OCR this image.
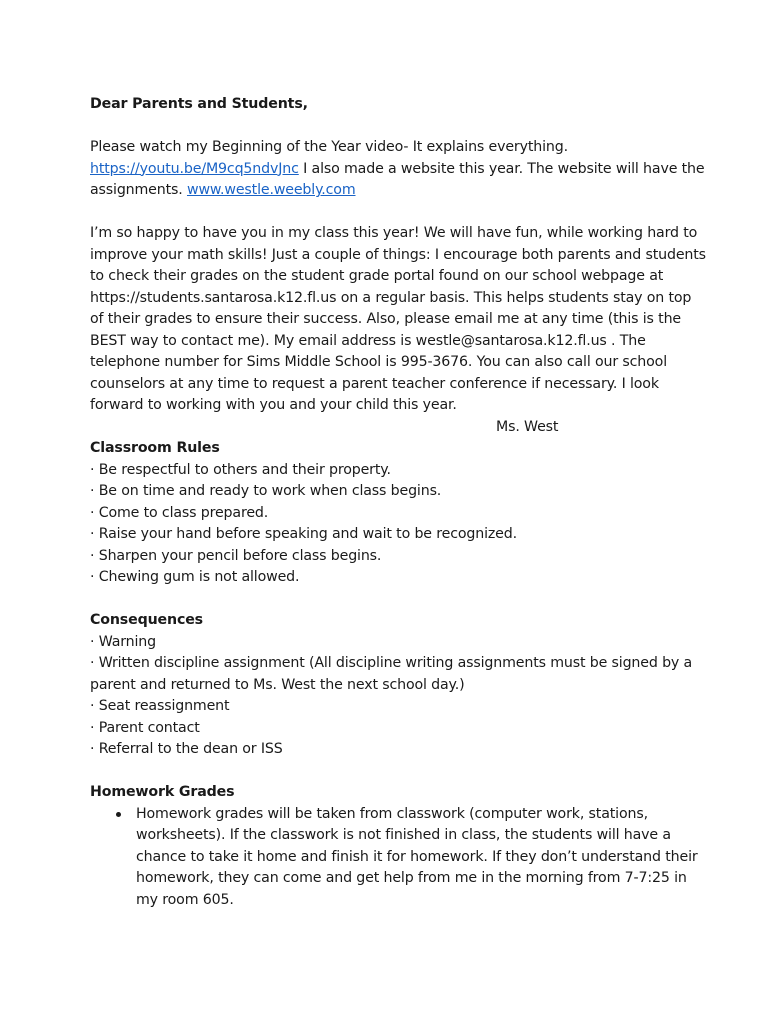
Dear Parents and Students,

Please watch my Beginning of the Year video- It explains everything.
https://youtu.be/M9cq5ndvJnc I also made a website this year. The website will have the assignments. www.westle.weebly.com

I’m so happy to have you in my class this year! We will have fun, while working hard to improve your math skills! Just a couple of things: I encourage both parents and students to check their grades on the student grade portal found on our school webpage at https://students.santarosa.k12.fl.us on a regular basis. This helps students stay on top of their grades to ensure their success. Also, please email me at any time (this is the BEST way to contact me). My email address is westle@santarosa.k12.fl.us . The telephone number for Sims Middle School is 995-3676. You can also call our school counselors at any time to request a parent teacher conference if necessary. I look forward to working with you and your child this year.

Ms. West

Classroom Rules

· Be respectful to others and their property.

· Be on time and ready to work when class begins.

· Come to class prepared.

· Raise your hand before speaking and wait to be recognized.

· Sharpen your pencil before class begins.

· Chewing gum is not allowed.

Consequences

· Warning

· Written discipline assignment (All discipline writing assignments must be signed by a parent and returned to Ms. West the next school day.)

· Seat reassignment

· Parent contact

· Referral to the dean or ISS

Homework Grades

Homework grades will be taken from classwork (computer work, stations, worksheets). If the classwork is not finished in class, the students will have a chance to take it home and finish it for homework. If they don’t understand their homework, they can come and get help from me in the morning from 7-7:25 in my room 605.
